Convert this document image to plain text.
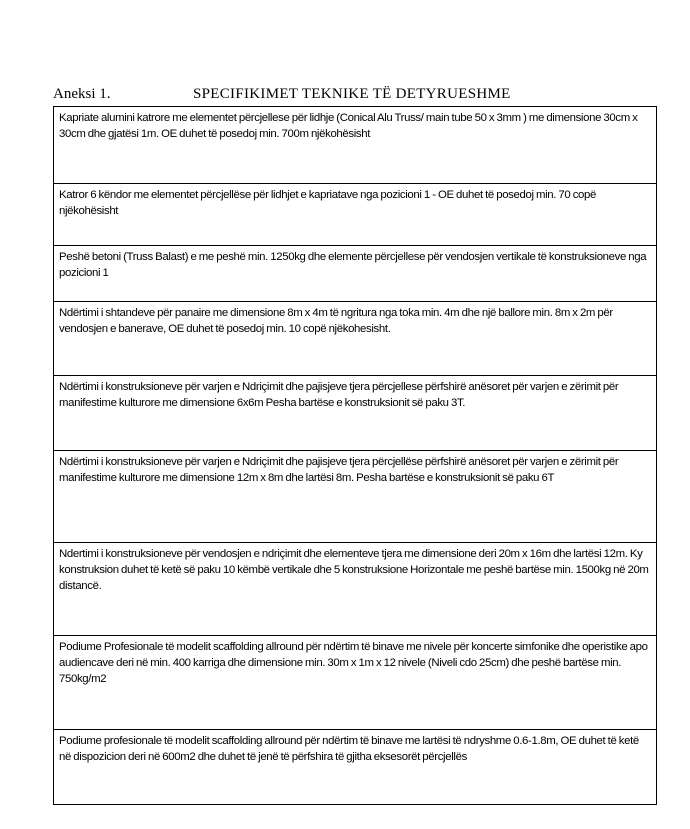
Aneksi 1.	SPECIFIKIMET TEKNIKE TË DETYRUESHME
Kapriate alumini katrore me elementet përcjellese për lidhje (Conical Alu Truss/ main tube 50 x 3mm ) me dimensione 30cm x 30cm dhe gjatësi 1m. OE duhet të posedoj min. 700m njëkohësisht
Katror 6 këndor me elementet përcjellëse për lidhjet e kapriatave nga pozicioni 1 - OE duhet të posedoj min. 70 copë njëkohësisht
Peshë betoni (Truss Balast) e me peshë min. 1250kg dhe elemente përcjellese për vendosjen vertikale të konstruksioneve nga pozicioni 1
Ndërtimi i shtandeve për panaire me dimensione 8m x 4m të ngritura nga toka min. 4m dhe një ballore min. 8m x 2m për vendosjen e banerave, OE duhet të posedoj min. 10 copë njëkohesisht.
Ndërtimi i konstruksioneve për varjen e Ndriçimit dhe pajisjeve tjera përcjellese përfshirë anësoret për varjen e zërimit për manifestime kulturore me dimensione 6x6m Pesha bartëse e konstruksionit së paku 3T.
Ndërtimi i konstruksioneve për varjen e Ndriçimit dhe pajisjeve tjera përcjellëse përfshirë anësoret për varjen e zërimit për manifestime kulturore me dimensione 12m x 8m dhe lartësi 8m. Pesha bartëse e konstruksionit së paku 6T
Ndertimi i konstruksioneve për vendosjen e ndriçimit dhe elementeve tjera me dimensione deri 20m x 16m dhe lartësi 12m. Ky konstruksion duhet të ketë së paku 10 këmbë vertikale dhe 5 konstruksione Horizontale me peshë bartëse min. 1500kg në 20m distancë.
Podiume Profesionale të modelit scaffolding allround për ndërtim të binave me nivele për koncerte simfonike dhe operistike apo audiencave deri në min. 400 karriga dhe dimensione min. 30m x 1m x 12 nivele (Niveli cdo 25cm) dhe peshë bartëse min. 750kg/m2
Podiume profesionale të modelit scaffolding allround për ndërtim të binave me lartësi të ndryshme 0.6-1.8m, OE duhet të ketë në dispozicion deri në 600m2 dhe duhet të jenë të përfshira të gjitha eksesorët përcjellës
